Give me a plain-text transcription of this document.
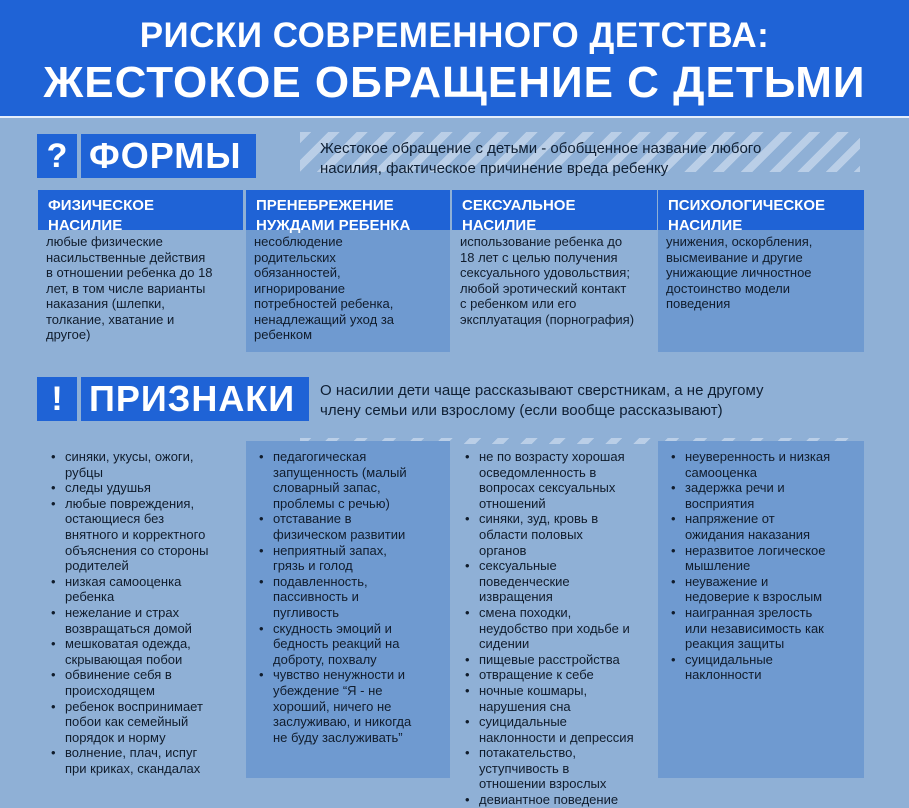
РИСКИ СОВРЕМЕННОГО ДЕТСТВА:
ЖЕСТОКОЕ ОБРАЩЕНИЕ С ДЕТЬМИ
? ФОРМЫ	Жестокое обращение с детьми - обобщенное название любого
насилия, фактическое причинение вреда ребенку
ФИЗИЧЕСКОЕ
НАСИЛИЕ
любые физические
насильственные действия
в отношении ребенка до 18
лет, в том числе варианты
наказания (шлепки,
толкание, хватание и
другое)
ПРЕНЕБРЕЖЕНИЕ
НУЖДАМИ РЕБЕНКА
несоблюдение
родительских
обязанностей,
игнорирование
потребностей ребенка,
ненадлежащий уход за
ребенком
СЕКСУАЛЬНОЕ
НАСИЛИЕ
использование ребенка до
18 лет с целью получения
сексуального удовольствия;
любой эротический контакт
с ребенком или его
эксплуатация (порнография)
ПСИХОЛОГИЧЕСКОЕ
НАСИЛИЕ
унижения, оскорбления,
высмеивание и другие
унижающие личностное
достоинство модели
поведения
! ПРИЗНАКИ	О насилии дети чаще рассказывают сверстникам, а не другому
члену семьи или взрослому (если вообще рассказывают)
• синяки, укусы, ожоги,
рубцы
• следы удушья
• любые повреждения,
остающиеся без
внятного и корректного
объяснения со стороны
родителей
• низкая самооценка
ребенка
• нежелание и страх
возвращаться домой
• мешковатая одежда,
скрывающая побои
• обвинение себя в
происходящем
• ребенок воспринимает
побои как семейный
порядок и норму
• волнение, плач, испуг
при криках, скандалах
• педагогическая
запущенность (малый
словарный запас,
проблемы с речью)
• отставание в
физическом развитии
• неприятный запах,
грязь и голод
• подавленность,
пассивность и
пугливость
• скудность эмоций и
бедность реакций на
доброту, похвалу
• чувство ненужности и
убеждение “Я - не
хороший, ничего не
заслуживаю, и никогда
не буду заслуживать”
• не по возрасту хорошая
осведомленность в
вопросах сексуальных
отношений
• синяки, зуд, кровь в
области половых
органов
• сексуальные
поведенческие
извращения
• смена походки,
неудобство при ходьбе и
сидении
• пищевые расстройства
• отвращение к себе
• ночные кошмары,
нарушения сна
• суицидальные
наклонности и депрессия
• потакательство,
уступчивость в
отношении взрослых
• девиантное поведение
• неуверенность и низкая
самооценка
• задержка речи и
восприятия
• напряжение от
ожидания наказания
• неразвитое логическое
мышление
• неуважение и
недоверие к взрослым
• наигранная зрелость
или независимость как
реакция защиты
• суицидальные
наклонности
